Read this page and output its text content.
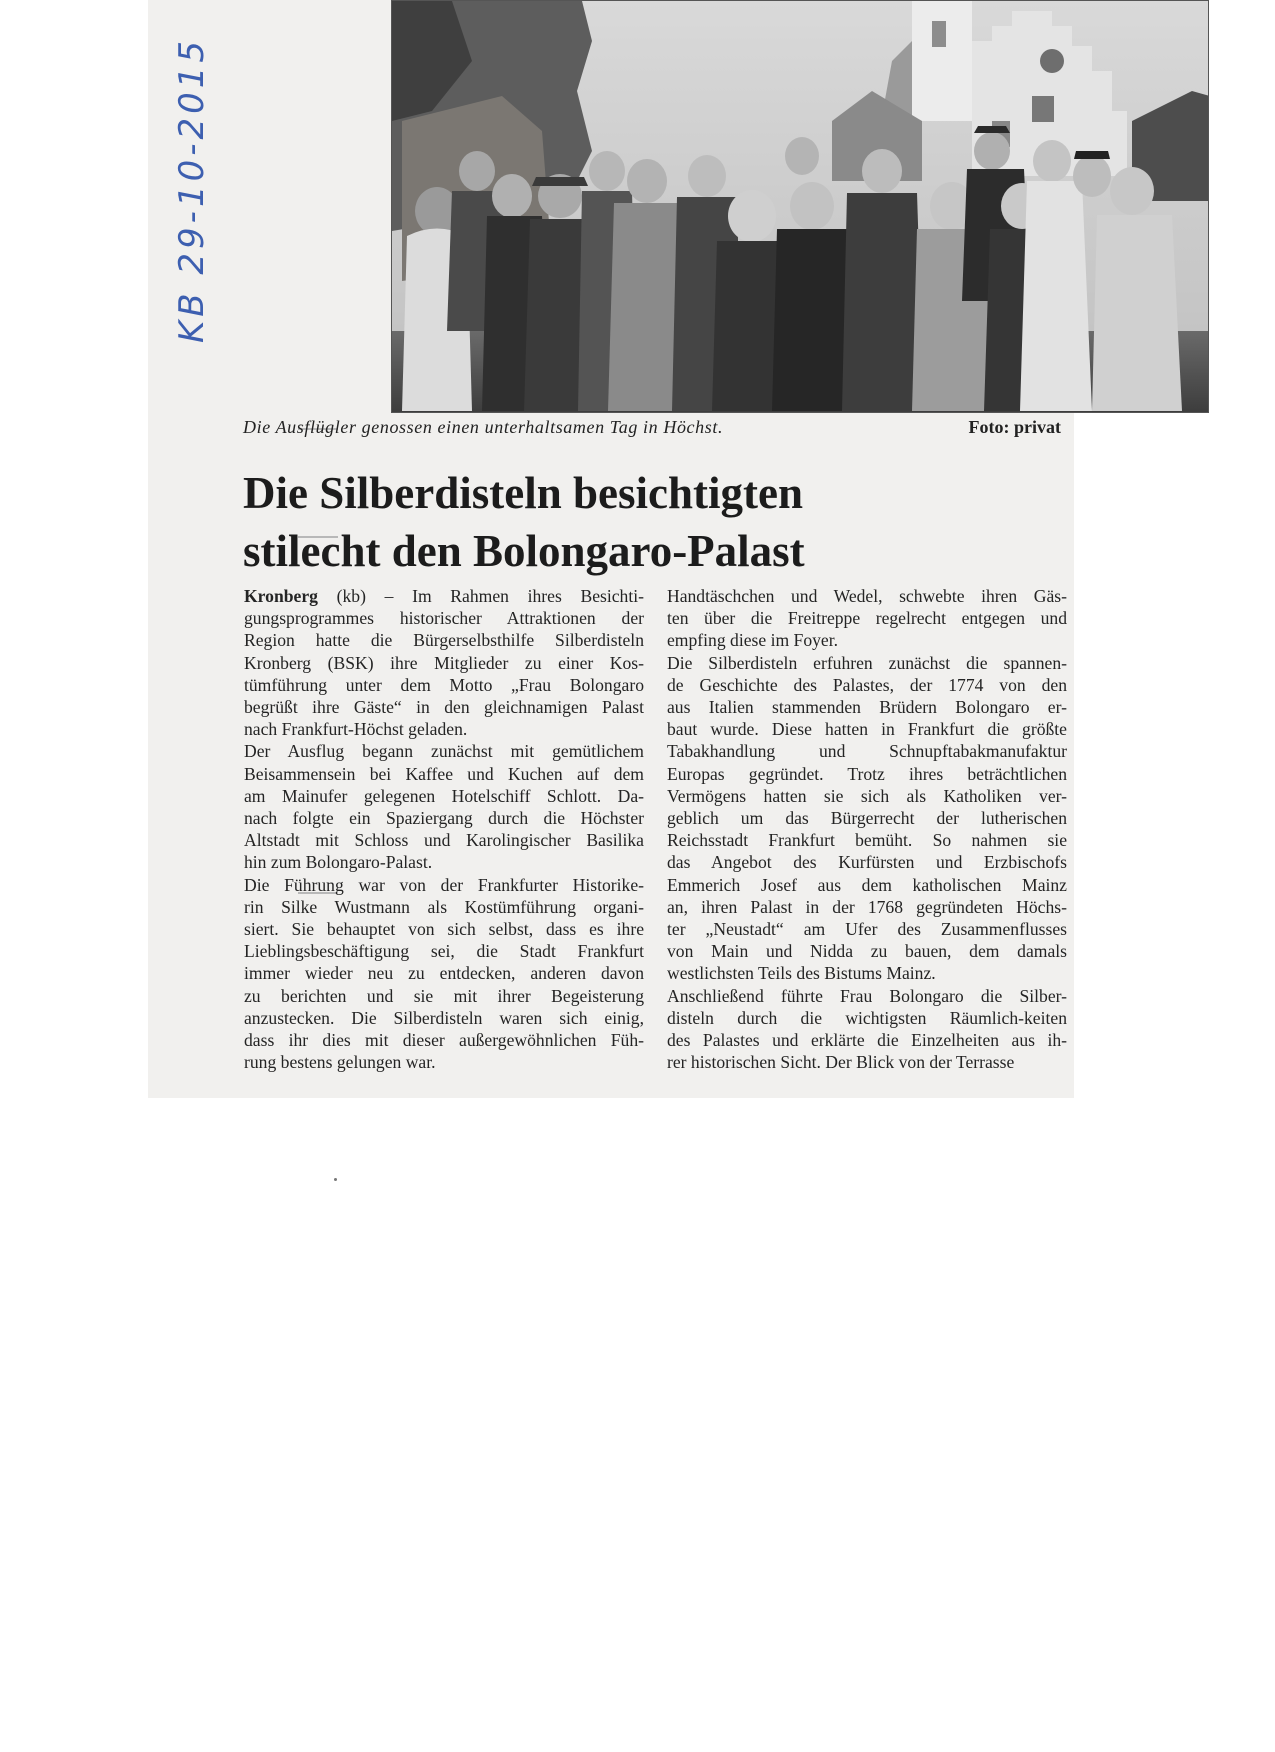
KB 29-10-2015
Die Ausflügler genossen einen unterhaltsamen Tag in Höchst.	Foto: privat
Die Silberdisteln besichtigten
stilecht den Bolongaro-Palast

Kronberg (kb) – Im Rahmen ihres Besichti-
gungsprogrammes historischer Attraktionen der
Region hatte die Bürgerselbsthilfe Silberdisteln
Kronberg (BSK) ihre Mitglieder zu einer Kos-
tümführung unter dem Motto „Frau Bolongaro
begrüßt ihre Gäste“ in den gleichnamigen Palast
nach Frankfurt-Höchst geladen.

Der Ausflug begann zunächst mit gemütlichem
Beisammensein bei Kaffee und Kuchen auf dem
am Mainufer gelegenen Hotelschiff Schlott. Da-
nach folgte ein Spaziergang durch die Höchster
Altstadt mit Schloss und Karolingischer Basilika
hin zum Bolongaro-Palast.

Die Führung war von der Frankfurter Historike-
rin Silke Wustmann als Kostümführung organi-
siert. Sie behauptet von sich selbst, dass es ihre
Lieblingsbeschäftigung sei, die Stadt Frankfurt
immer wieder neu zu entdecken, anderen davon
zu berichten und sie mit ihrer Begeisterung
anzustecken. Die Silberdisteln waren sich einig,
dass ihr dies mit dieser außergewöhnlichen Füh-
rung bestens gelungen war.

Handtäschchen und Wedel, schwebte ihren Gäs-
ten über die Freitreppe regelrecht entgegen und
empfing diese im Foyer.

Die Silberdisteln erfuhren zunächst die spannen-
de Geschichte des Palastes, der 1774 von den
aus Italien stammenden Brüdern Bolongaro er-
baut wurde. Diese hatten in Frankfurt die größte
Tabakhandlung und Schnupftabakmanufaktur
Europas gegründet. Trotz ihres beträchtlichen
Vermögens hatten sie sich als Katholiken ver-
geblich um das Bürgerrecht der lutherischen
Reichsstadt Frankfurt bemüht. So nahmen sie
das Angebot des Kurfürsten und Erzbischofs
Emmerich Josef aus dem katholischen Mainz
an, ihren Palast in der 1768 gegründeten Höchs-
ter „Neustadt“ am Ufer des Zusammenflusses
von Main und Nidda zu bauen, dem damals
westlichsten Teils des Bistums Mainz.

Anschließend führte Frau Bolongaro die Silber-
disteln durch die wichtigsten Räumlich-keiten
des Palastes und erklärte die Einzelheiten aus ih-
rer historischen Sicht. Der Blick von der Terrasse
